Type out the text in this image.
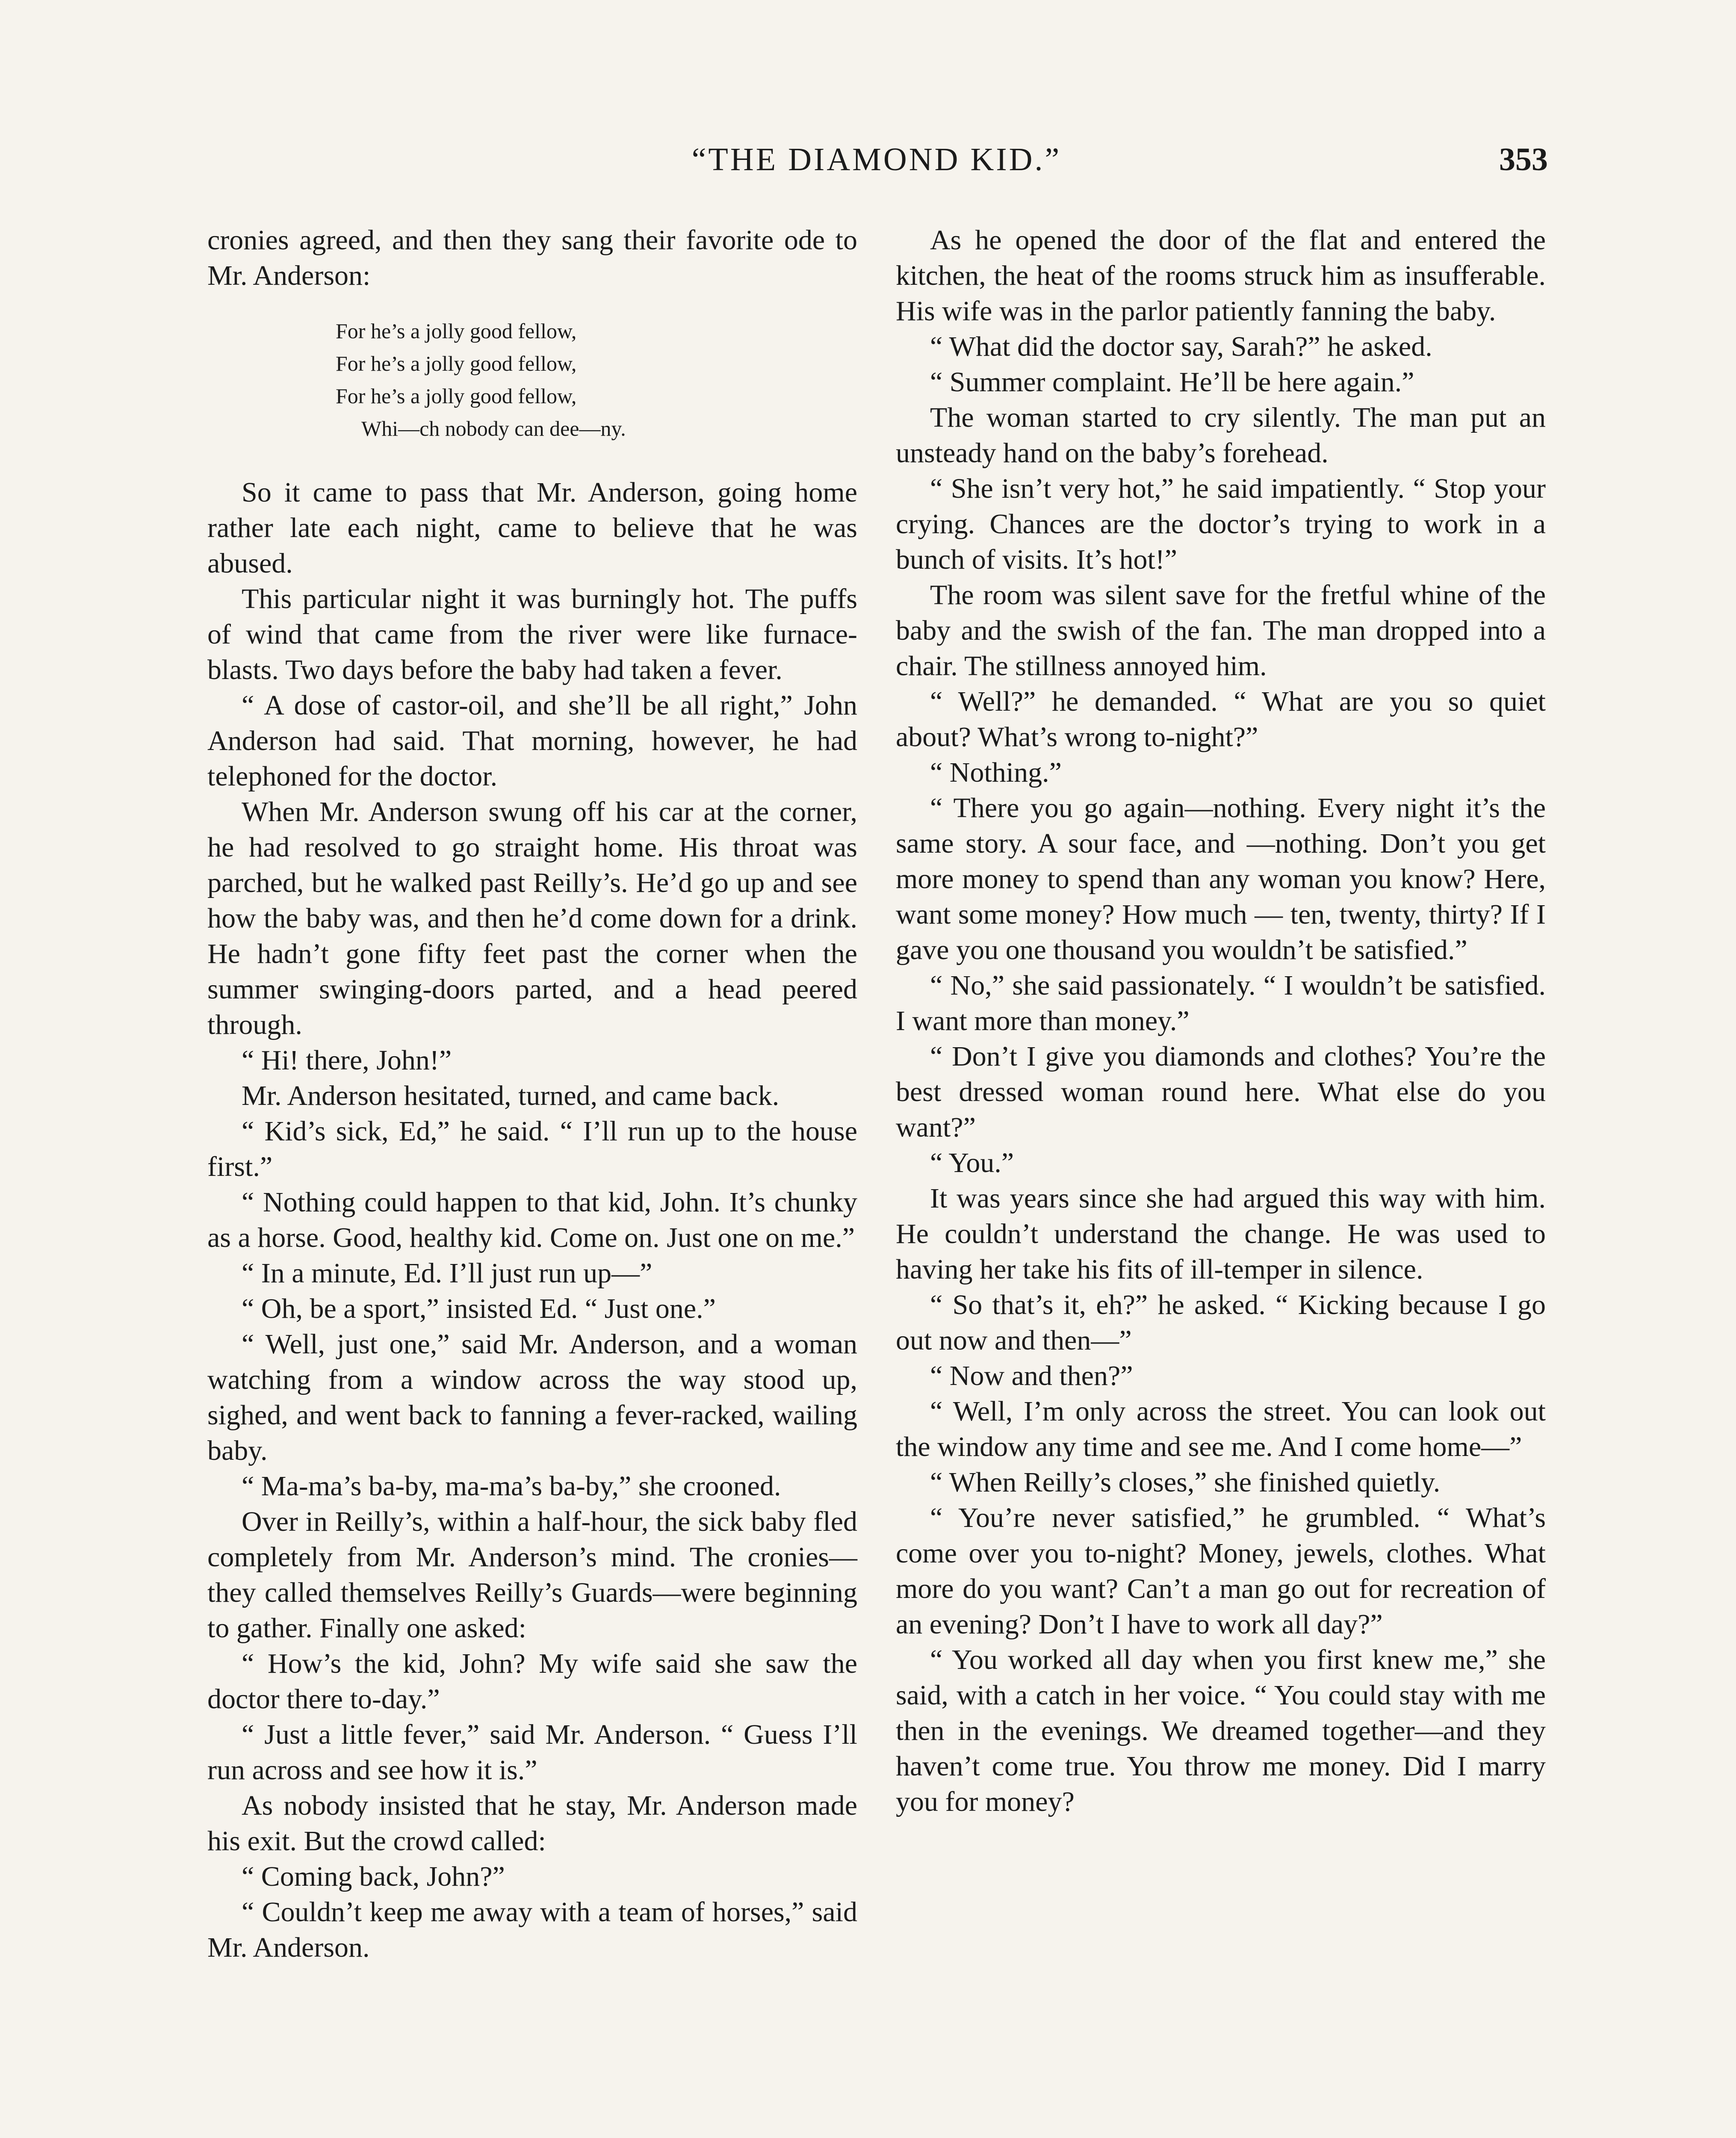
“THE DIAMOND KID.”	353

cronies agreed, and then they sang their favorite ode to Mr. Anderson:

For he’s a jolly good fellow,
For he’s a jolly good fellow,
For he’s a jolly good fellow,
Whi—ch nobody can dee—ny.

So it came to pass that Mr. Anderson, going home rather late each night, came to believe that he was abused.

This particular night it was burningly hot. The puffs of wind that came from the river were like furnace-blasts. Two days before the baby had taken a fever.

“ A dose of castor-oil, and she’ll be all right,” John Anderson had said. That morning, however, he had telephoned for the doctor.

When Mr. Anderson swung off his car at the corner, he had resolved to go straight home. His throat was parched, but he walked past Reilly’s. He’d go up and see how the baby was, and then he’d come down for a drink. He hadn’t gone fifty feet past the corner when the summer swinging-doors parted, and a head peered through.

“ Hi! there, John!”

Mr. Anderson hesitated, turned, and came back.

“ Kid’s sick, Ed,” he said. “ I’ll run up to the house first.”

“ Nothing could happen to that kid, John. It’s chunky as a horse. Good, healthy kid. Come on. Just one on me.”

“ In a minute, Ed. I’ll just run up—”

“ Oh, be a sport,” insisted Ed. “ Just one.”

“ Well, just one,” said Mr. Anderson, and a woman watching from a window across the way stood up, sighed, and went back to fanning a fever-racked, wailing baby.

“ Ma-ma’s ba-by, ma-ma’s ba-by,” she crooned.

Over in Reilly’s, within a half-hour, the sick baby fled completely from Mr. Anderson’s mind. The cronies—they called themselves Reilly’s Guards—were beginning to gather. Finally one asked:

“ How’s the kid, John? My wife said she saw the doctor there to-day.”

“ Just a little fever,” said Mr. Anderson. “ Guess I’ll run across and see how it is.”

As nobody insisted that he stay, Mr. Anderson made his exit. But the crowd called:

“ Coming back, John?”

“ Couldn’t keep me away with a team of horses,” said Mr. Anderson.

As he opened the door of the flat and entered the kitchen, the heat of the rooms struck him as insufferable. His wife was in the parlor patiently fanning the baby.

“ What did the doctor say, Sarah?” he asked.

“ Summer complaint. He’ll be here again.”

The woman started to cry silently. The man put an unsteady hand on the baby’s forehead.

“ She isn’t very hot,” he said impatiently. “ Stop your crying. Chances are the doctor’s trying to work in a bunch of visits. It’s hot!”

The room was silent save for the fretful whine of the baby and the swish of the fan. The man dropped into a chair. The stillness annoyed him.

“ Well?” he demanded. “ What are you so quiet about? What’s wrong to-night?”

“ Nothing.”

“ There you go again—nothing. Every night it’s the same story. A sour face, and —nothing. Don’t you get more money to spend than any woman you know? Here, want some money? How much — ten, twenty, thirty? If I gave you one thousand you wouldn’t be satisfied.”

“ No,” she said passionately. “ I wouldn’t be satisfied. I want more than money.”

“ Don’t I give you diamonds and clothes? You’re the best dressed woman round here. What else do you want?”

“ You.”

It was years since she had argued this way with him. He couldn’t understand the change. He was used to having her take his fits of ill-temper in silence.

“ So that’s it, eh?” he asked. “ Kicking because I go out now and then—”

“ Now and then?”

“ Well, I’m only across the street. You can look out the window any time and see me. And I come home—”

“ When Reilly’s closes,” she finished quietly.

“ You’re never satisfied,” he grumbled. “ What’s come over you to-night? Money, jewels, clothes. What more do you want? Can’t a man go out for recreation of an evening? Don’t I have to work all day?”

“ You worked all day when you first knew me,” she said, with a catch in her voice. “ You could stay with me then in the evenings. We dreamed together—and they haven’t come true. You throw me money. Did I marry you for money?
